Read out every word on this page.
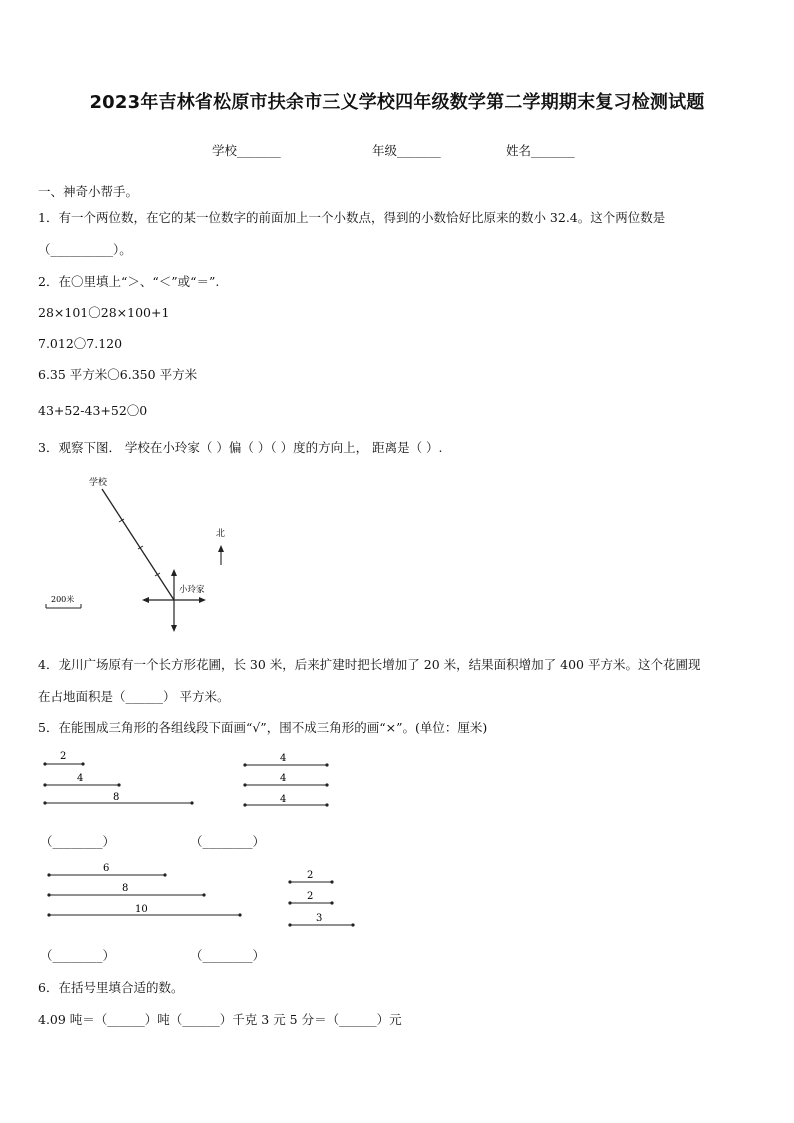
2023年吉林省松原市扶余市三义学校四年级数学第二学期期末复习检测试题
学校_______	年级_______	姓名_______
一、神奇小帮手。
1．有一个两位数，在它的某一位数字的前面加上一个小数点，得到的小数恰好比原来的数小 32.4。这个两位数是
（__________）。
2．在〇里填上“＞、“＜”或“＝”.
28×101〇28×100+1
7.012〇7.120
6.35 平方米〇6.350 平方米
43+52-43+52〇0
3．观察下图． 学校在小玲家（ ）偏（ ）（ ）度的方向上， 距离是（ ）.
学校
小玲家
北
200米
4．龙川广场原有一个长方形花圃，长 30 米，后来扩建时把长增加了 20 米，结果面积增加了 400 平方米。这个花圃现
在占地面积是（______） 平方米。
5．在能围成三角形的各组线段下面画“√”，围不成三角形的画“×”。(单位：厘米)
2
4
8
4
4
4
6
8
10
2
2
3
（________）	（________）
（________）	（________）
6．在括号里填合适的数。
4.09 吨＝（______）吨（______）千克 3 元 5 分＝（______）元
